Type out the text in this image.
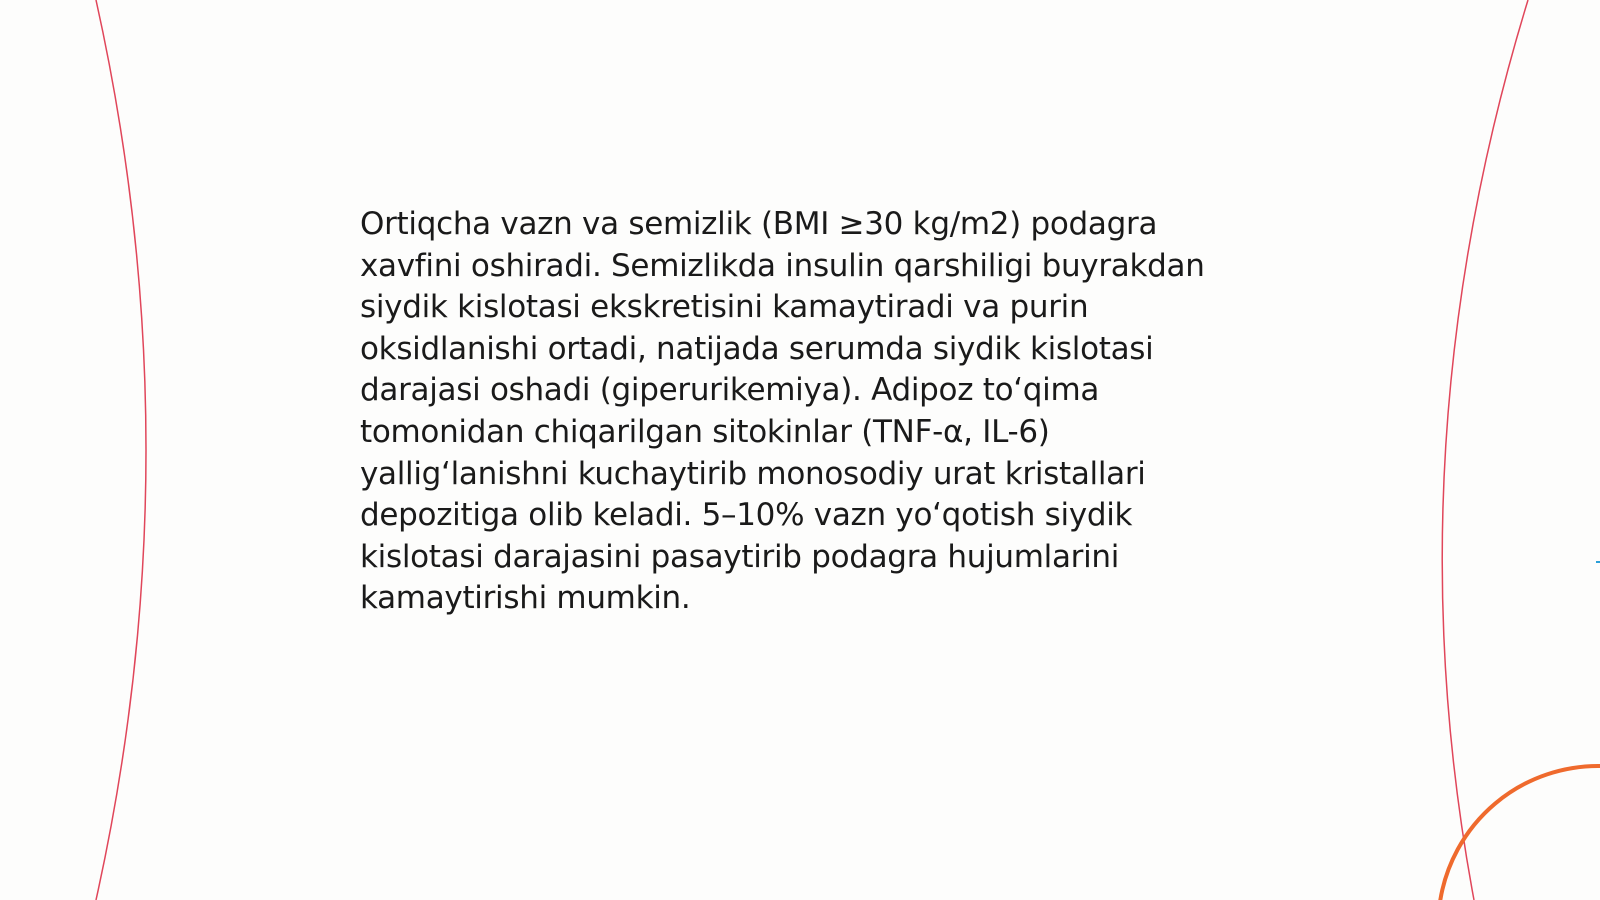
Ortiqcha vazn va semizlik (BMI ≥30 kg/m2) podagra xavfini oshiradi. Semizlikda insulin qarshiligi buyrakdan siydik kislotasi ekskretisini kamaytiradi va purin oksidlanishi ortadi, natijada serumda siydik kislotasi darajasi oshadi (giperurikemiya). Adipoz to‘qima tomonidan chiqarilgan sitokinlar (TNF-α, IL-6) yallig‘lanishni kuchaytirib monosodiy urat kristallari depozitiga olib keladi. 5–10% vazn yo‘qotish siydik kislotasi darajasini pasaytirib podagra hujumlarini kamaytirishi mumkin.
